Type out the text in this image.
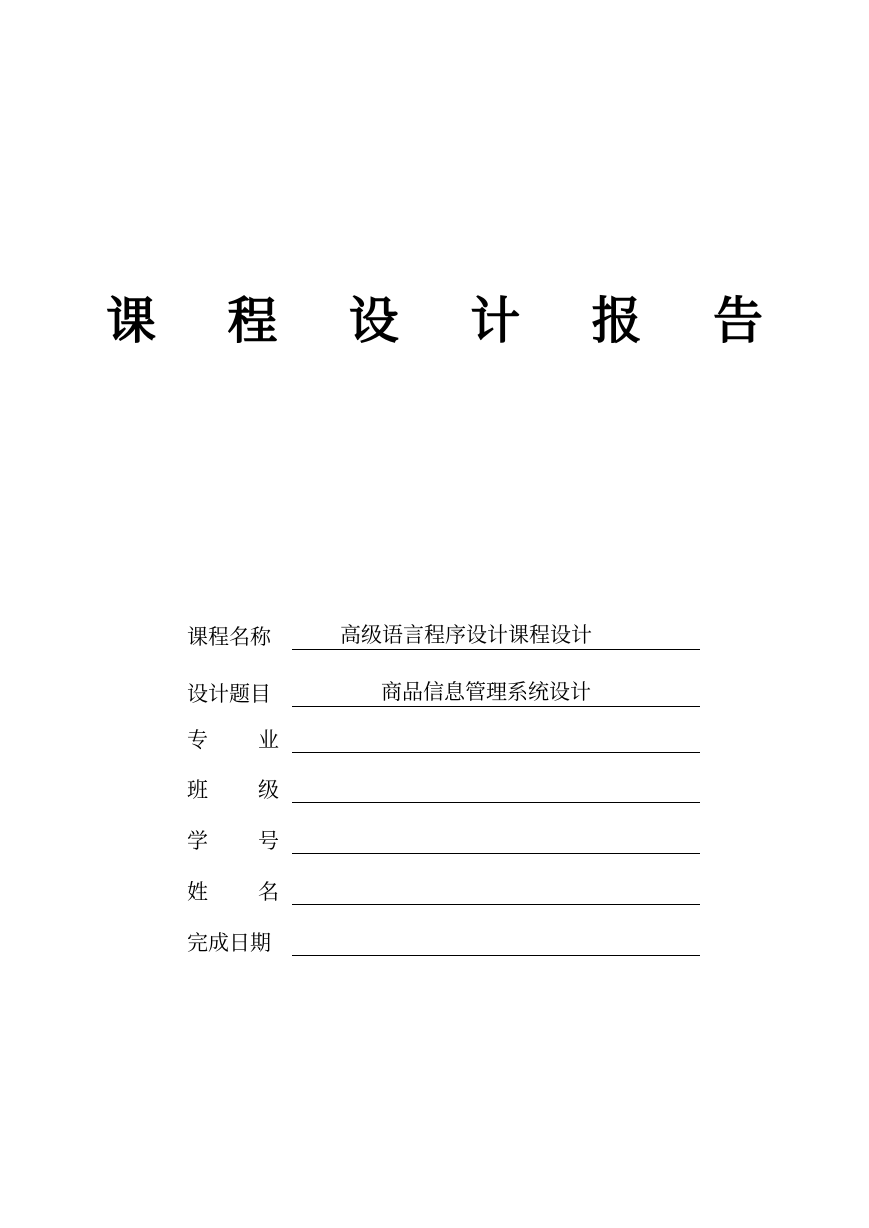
课 程 设 计 报 告
课程名称	高级语言程序设计课程设计
设计题目	商品信息管理系统设计
专 业
班 级
学 号
姓 名
完成日期
